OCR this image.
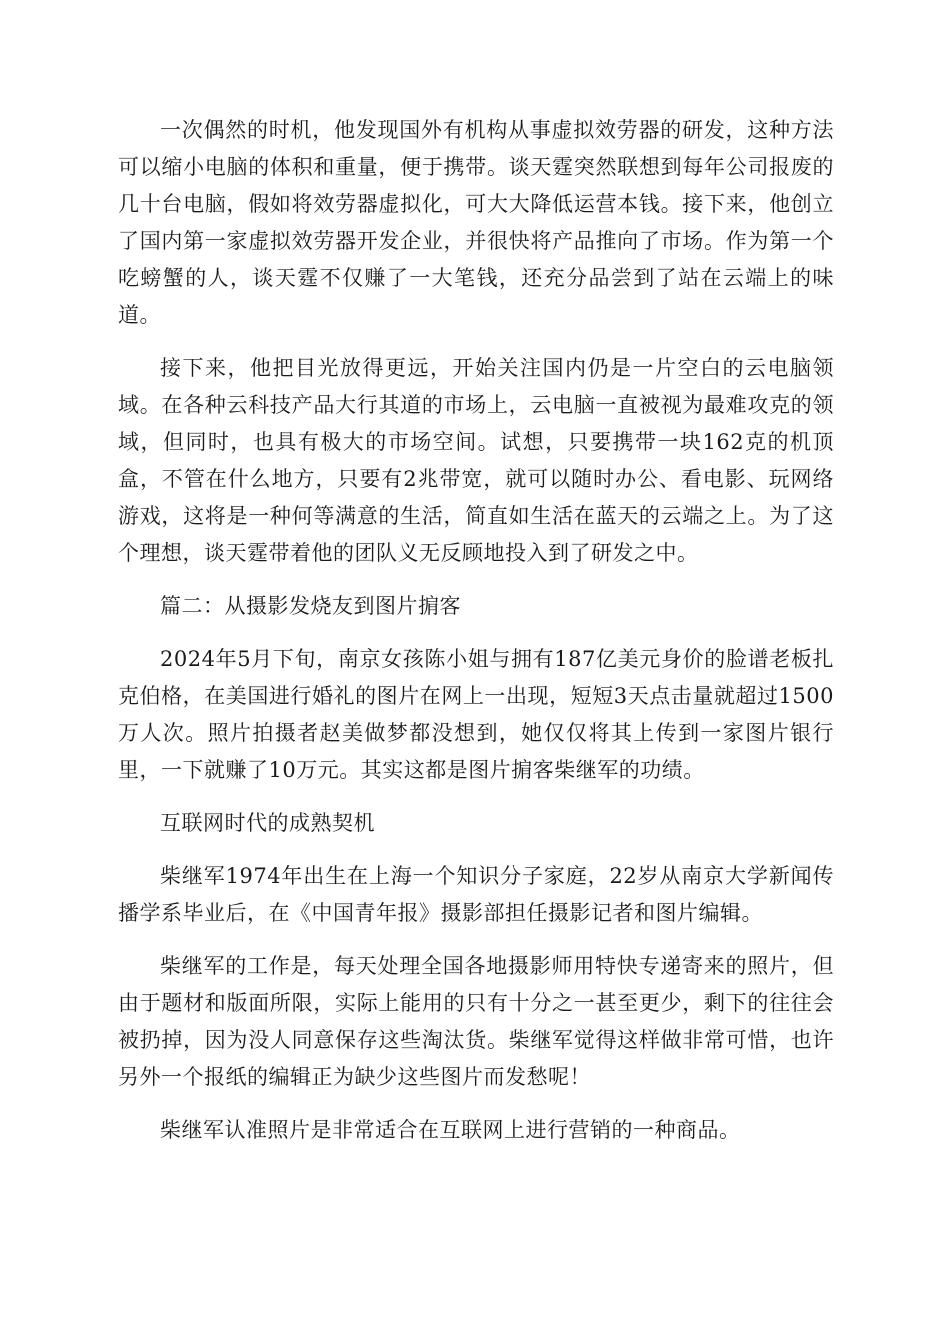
一次偶然的时机，他发现国外有机构从事虚拟效劳器的研发，这种方法可以缩小电脑的体积和重量，便于携带。谈天霆突然联想到每年公司报废的几十台电脑，假如将效劳器虚拟化，可大大降低运营本钱。接下来，他创立了国内第一家虚拟效劳器开发企业，并很快将产品推向了市场。作为第一个吃螃蟹的人，谈天霆不仅赚了一大笔钱，还充分品尝到了站在云端上的味道。

接下来，他把目光放得更远，开始关注国内仍是一片空白的云电脑领域。在各种云科技产品大行其道的市场上，云电脑一直被视为最难攻克的领域，但同时，也具有极大的市场空间。试想，只要携带一块162克的机顶盒，不管在什么地方，只要有2兆带宽，就可以随时办公、看电影、玩网络游戏，这将是一种何等满意的生活，简直如生活在蓝天的云端之上。为了这个理想，谈天霆带着他的团队义无反顾地投入到了研发之中。

篇二：从摄影发烧友到图片掮客

2024年5月下旬，南京女孩陈小姐与拥有187亿美元身价的脸谱老板扎克伯格，在美国进行婚礼的图片在网上一出现，短短3天点击量就超过1500万人次。照片拍摄者赵美做梦都没想到，她仅仅将其上传到一家图片银行里，一下就赚了10万元。其实这都是图片掮客柴继军的功绩。

互联网时代的成熟契机

柴继军1974年出生在上海一个知识分子家庭，22岁从南京大学新闻传播学系毕业后，在《中国青年报》摄影部担任摄影记者和图片编辑。

柴继军的工作是，每天处理全国各地摄影师用特快专递寄来的照片，但由于题材和版面所限，实际上能用的只有十分之一甚至更少，剩下的往往会被扔掉，因为没人同意保存这些淘汰货。柴继军觉得这样做非常可惜，也许另外一个报纸的编辑正为缺少这些图片而发愁呢！

柴继军认准照片是非常适合在互联网上进行营销的一种商品。
